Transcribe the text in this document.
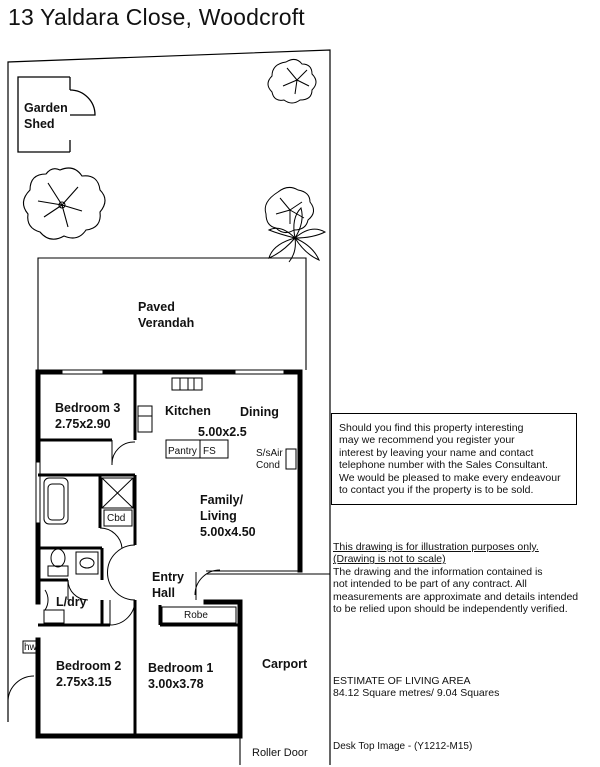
13 Yaldara Close, Woodcroft
Garden
Shed
Paved
Verandah
Bedroom 3
2.75x2.90
Kitchen Dining
5.00x2.5
Pantry FS	S/sAir
Cond
Cbd
Family/
Living
5.00x4.50
Entry
Hall
L/dry
Robe
hw
Bedroom 2
2.75x3.15
Bedroom 1
3.00x3.78
Carport
Roller Door
Should you find this property interesting
may we recommend you register your
interest by leaving your name and contact
telephone number with the Sales Consultant.
We would be pleased to make every endeavour
to contact you if the property is to be sold.
This drawing is for illustration purposes only.
(Drawing is not to scale)
The drawing and the information contained is
not intended to be part of any contract. All
measurements are approximate and details intended
to be relied upon should be independently verified.
ESTIMATE OF LIVING AREA
84.12 Square metres/ 9.04 Squares
Desk Top Image - (Y1212-M15)
